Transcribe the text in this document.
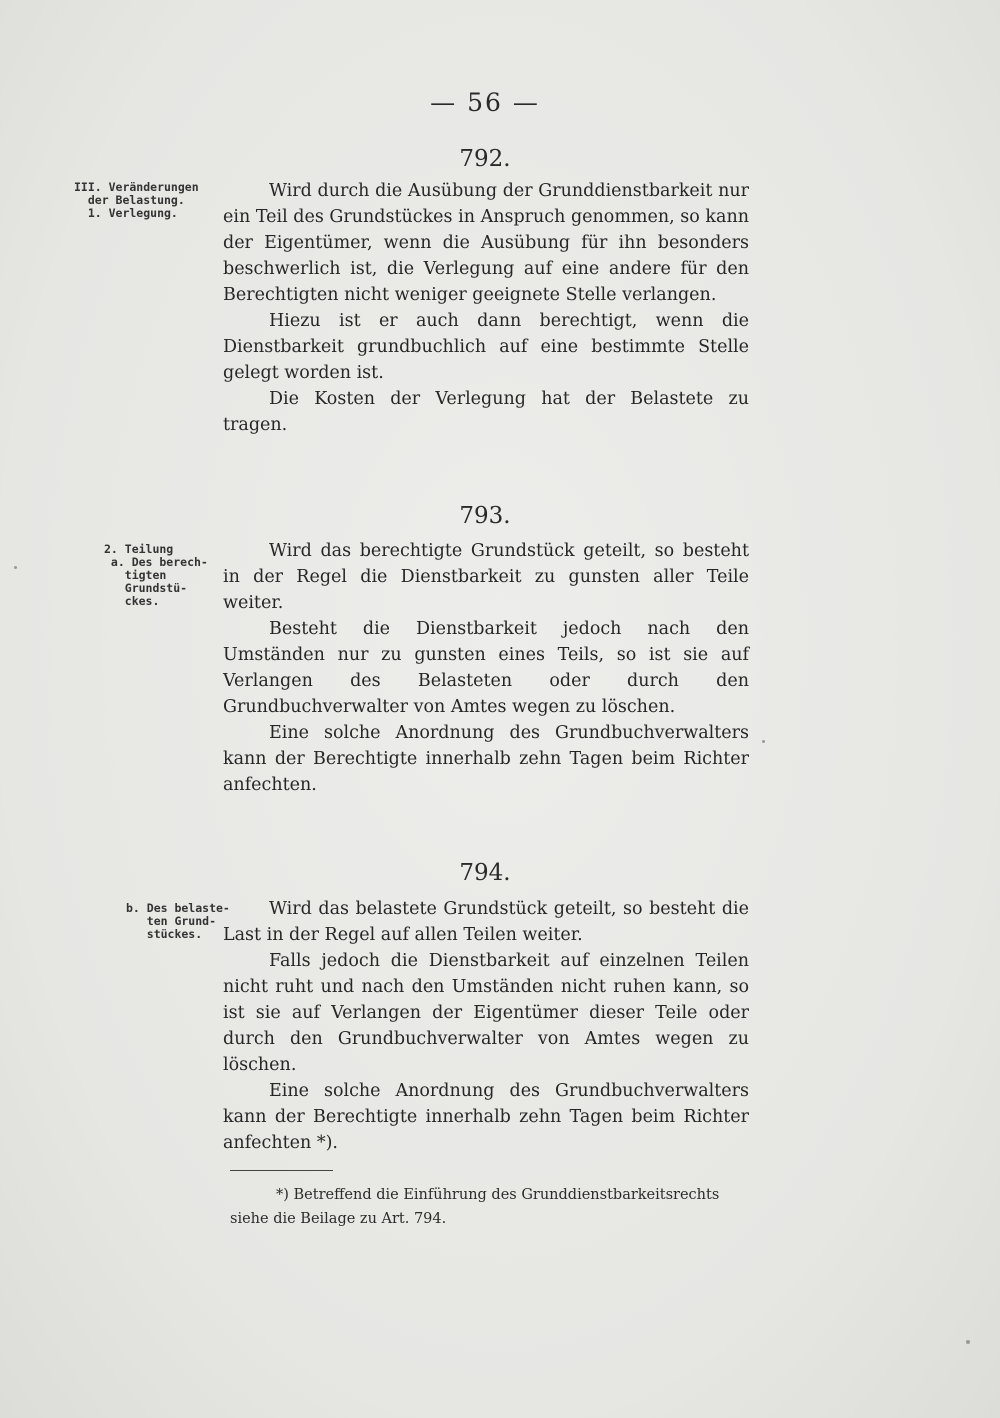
— 56 —
792.
III. Veränderungen
der Belastung.
1. Verlegung.

Wird durch die Ausübung der Grunddienstbarkeit nur ein Teil des Grundstückes in Anspruch genommen, so kann der Eigentümer, wenn die Ausübung für ihn besonders beschwerlich ist, die Verlegung auf eine andere für den Berechtigten nicht weniger geeignete Stelle verlangen.

Hiezu ist er auch dann berechtigt, wenn die Dienstbarkeit grundbuchlich auf eine bestimmte Stelle gelegt worden ist.

Die Kosten der Verlegung hat der Belastete zu tragen.

793.
2. Teilung
a. Des berech-
tigten
Grundstü-
ckes.

Wird das berechtigte Grundstück geteilt, so besteht in der Regel die Dienstbarkeit zu gunsten aller Teile weiter.

Besteht die Dienstbarkeit jedoch nach den Umständen nur zu gunsten eines Teils, so ist sie auf Verlangen des Belasteten oder durch den Grundbuchverwalter von Amtes wegen zu löschen.

Eine solche Anordnung des Grundbuchverwalters kann der Berechtigte innerhalb zehn Tagen beim Richter anfechten.

794.
b. Des belaste-
ten Grund-
stückes.

Wird das belastete Grundstück geteilt, so besteht die Last in der Regel auf allen Teilen weiter.

Falls jedoch die Dienstbarkeit auf einzelnen Teilen nicht ruht und nach den Umständen nicht ruhen kann, so ist sie auf Verlangen der Eigentümer dieser Teile oder durch den Grundbuchverwalter von Amtes wegen zu löschen.

Eine solche Anordnung des Grundbuchverwalters kann der Berechtigte innerhalb zehn Tagen beim Richter anfechten *).

*) Betreffend die Einführung des Grunddienstbarkeitsrechts siehe die Beilage zu Art. 794.
